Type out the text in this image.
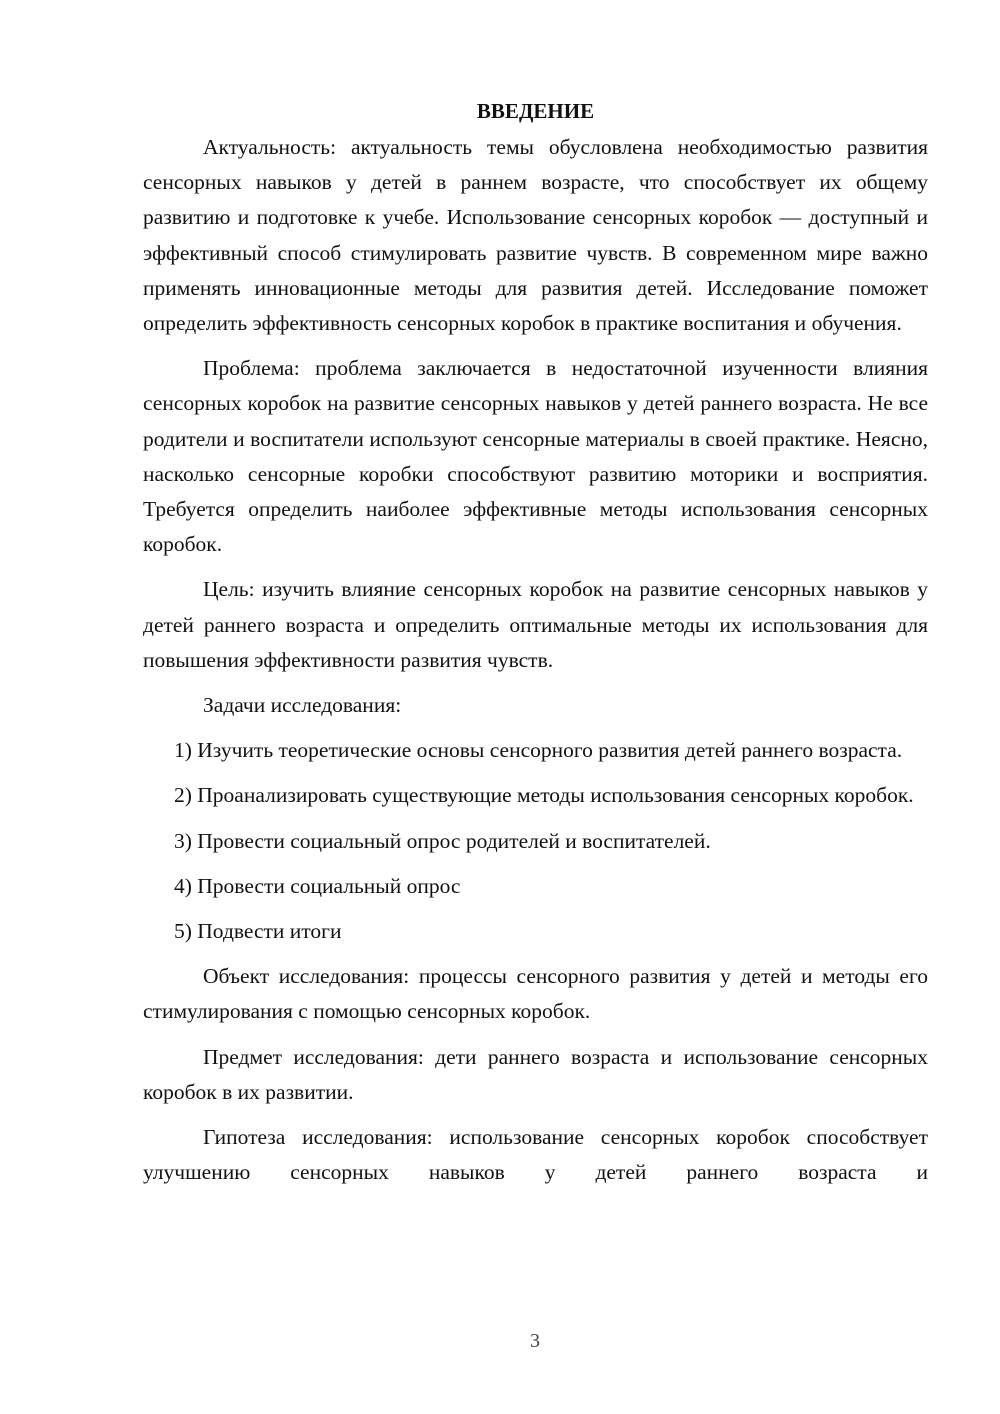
ВВЕДЕНИЕ

Актуальность: актуальность темы обусловлена необходимостью развития сенсорных навыков у детей в раннем возрасте, что способствует их общему развитию и подготовке к учебе. Использование сенсорных коробок — доступный и эффективный способ стимулировать развитие чувств. В современном мире важно применять инновационные методы для развития детей. Исследование поможет определить эффективность сенсорных коробок в практике воспитания и обучения.

Проблема: проблема заключается в недостаточной изученности влияния сенсорных коробок на развитие сенсорных навыков у детей раннего возраста. Не все родители и воспитатели используют сенсорные материалы в своей практике. Неясно, насколько сенсорные коробки способствуют развитию моторики и восприятия. Требуется определить наиболее эффективные методы использования сенсорных коробок.

Цель: изучить влияние сенсорных коробок на развитие сенсорных навыков у детей раннего возраста и определить оптимальные методы их использования для повышения эффективности развития чувств.

Задачи исследования:

1) Изучить теоретические основы сенсорного развития детей раннего возраста.

2) Проанализировать существующие методы использования сенсорных коробок.

3) Провести социальный опрос родителей и воспитателей.

4) Провести социальный опрос

5) Подвести итоги

Объект исследования: процессы сенсорного развития у детей и методы его стимулирования с помощью сенсорных коробок.

Предмет исследования: дети раннего возраста и использование сенсорных коробок в их развитии.

Гипотеза исследования: использование сенсорных коробок способствует улучшению сенсорных навыков у детей раннего возраста и

3
